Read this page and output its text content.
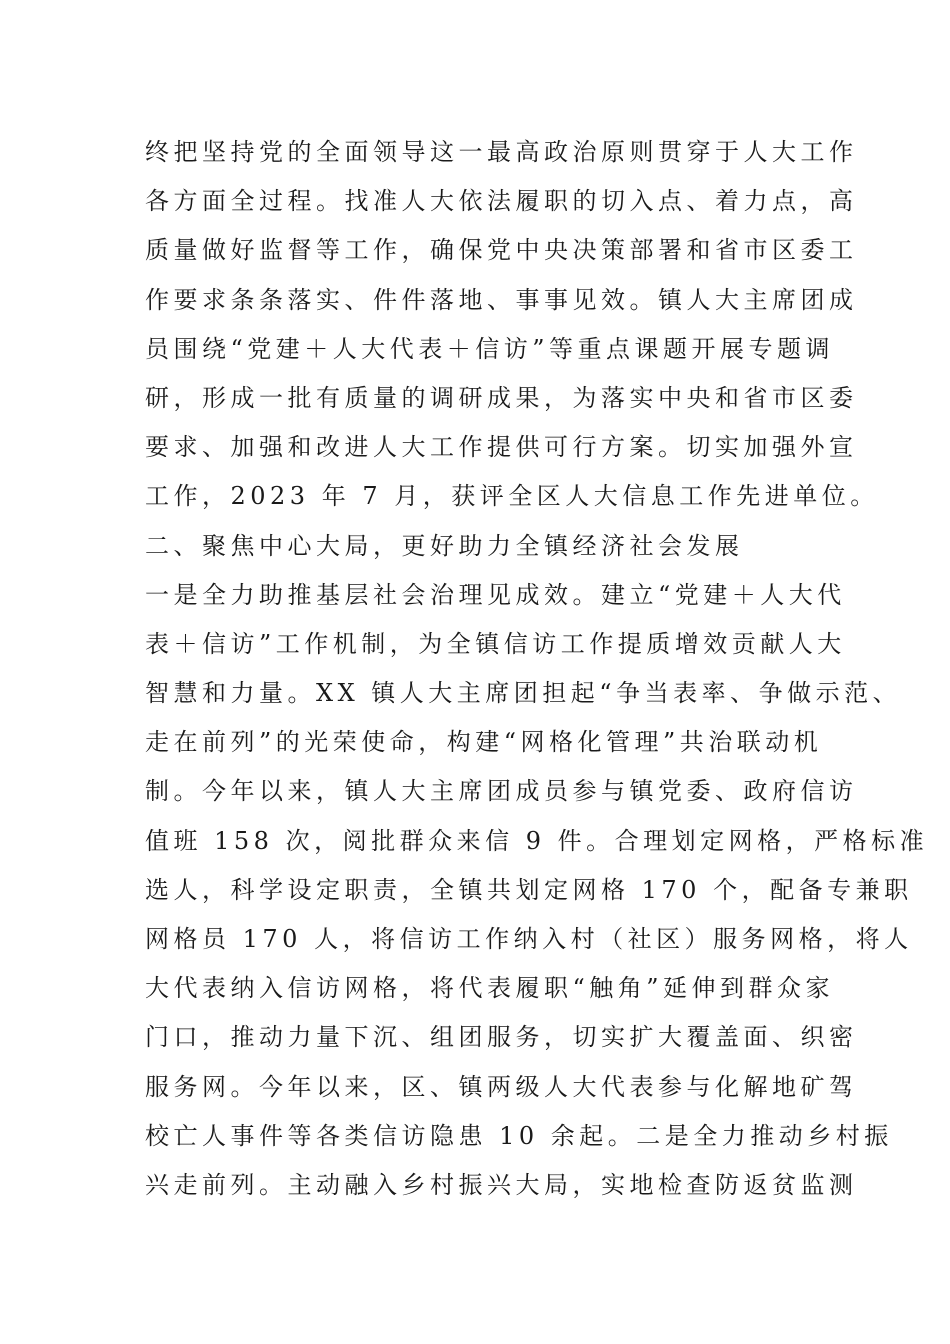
终把坚持党的全面领导这一最高政治原则贯穿于人大工作
各方面全过程。找准人大依法履职的切入点、着力点，高
质量做好监督等工作，确保党中央决策部署和省市区委工
作要求条条落实、件件落地、事事见效。镇人大主席团成
员围绕“党建＋人大代表＋信访”等重点课题开展专题调
研，形成一批有质量的调研成果，为落实中央和省市区委
要求、加强和改进人大工作提供可行方案。切实加强外宣
工作，2023 年 7 月，获评全区人大信息工作先进单位。
二、聚焦中心大局，更好助力全镇经济社会发展
一是全力助推基层社会治理见成效。建立“党建＋人大代
表＋信访”工作机制，为全镇信访工作提质增效贡献人大
智慧和力量。XX 镇人大主席团担起“争当表率、争做示范、
走在前列”的光荣使命，构建“网格化管理”共治联动机
制。今年以来，镇人大主席团成员参与镇党委、政府信访
值班 158 次，阅批群众来信 9 件。合理划定网格，严格标准
选人，科学设定职责，全镇共划定网格 170 个，配备专兼职
网格员 170 人，将信访工作纳入村（社区）服务网格，将人
大代表纳入信访网格，将代表履职“触角”延伸到群众家
门口，推动力量下沉、组团服务，切实扩大覆盖面、织密
服务网。今年以来，区、镇两级人大代表参与化解地矿驾
校亡人事件等各类信访隐患 10 余起。二是全力推动乡村振
兴走前列。主动融入乡村振兴大局，实地检查防返贫监测
